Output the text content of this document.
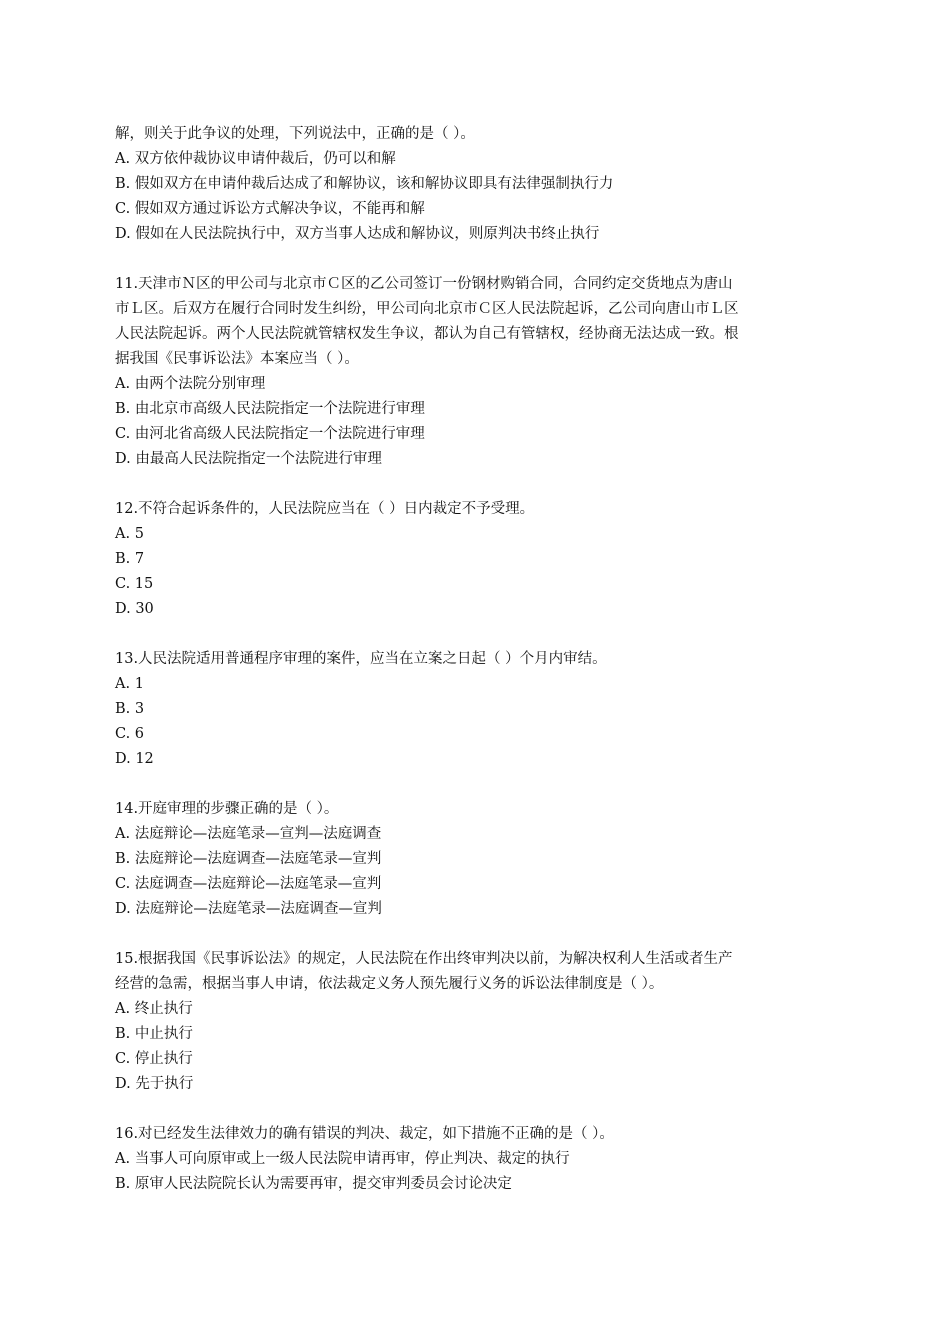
解，则关于此争议的处理，下列说法中，正确的是（ ）。
A. 双方依仲裁协议申请仲裁后，仍可以和解
B. 假如双方在申请仲裁后达成了和解协议，该和解协议即具有法律强制执行力
C. 假如双方通过诉讼方式解决争议，不能再和解
D. 假如在人民法院执行中，双方当事人达成和解协议，则原判决书终止执行
11.天津市Ｎ区的甲公司与北京市Ｃ区的乙公司签订一份钢材购销合同，合同约定交货地点为唐山
市Ｌ区。后双方在履行合同时发生纠纷，甲公司向北京市Ｃ区人民法院起诉，乙公司向唐山市Ｌ区
人民法院起诉。两个人民法院就管辖权发生争议，都认为自己有管辖权，经协商无法达成一致。根
据我国《民事诉讼法》本案应当（ ）。
A. 由两个法院分别审理
B. 由北京市高级人民法院指定一个法院进行审理
C. 由河北省高级人民法院指定一个法院进行审理
D. 由最高人民法院指定一个法院进行审理
12.不符合起诉条件的，人民法院应当在（ ）日内裁定不予受理。
A. 5
B. 7
C. 15
D. 30
13.人民法院适用普通程序审理的案件，应当在立案之日起（ ）个月内审结。
A. 1
B. 3
C. 6
D. 12
14.开庭审理的步骤正确的是（ ）。
A. 法庭辩论—法庭笔录—宣判—法庭调查
B. 法庭辩论—法庭调查—法庭笔录—宣判
C. 法庭调查—法庭辩论—法庭笔录—宣判
D. 法庭辩论—法庭笔录—法庭调查—宣判
15.根据我国《民事诉讼法》的规定，人民法院在作出终审判决以前，为解决权利人生活或者生产
经营的急需，根据当事人申请，依法裁定义务人预先履行义务的诉讼法律制度是（ ）。
A. 终止执行
B. 中止执行
C. 停止执行
D. 先于执行
16.对已经发生法律效力的确有错误的判决、裁定，如下措施不正确的是（ ）。
A. 当事人可向原审或上一级人民法院申请再审，停止判决、裁定的执行
B. 原审人民法院院长认为需要再审，提交审判委员会讨论决定
